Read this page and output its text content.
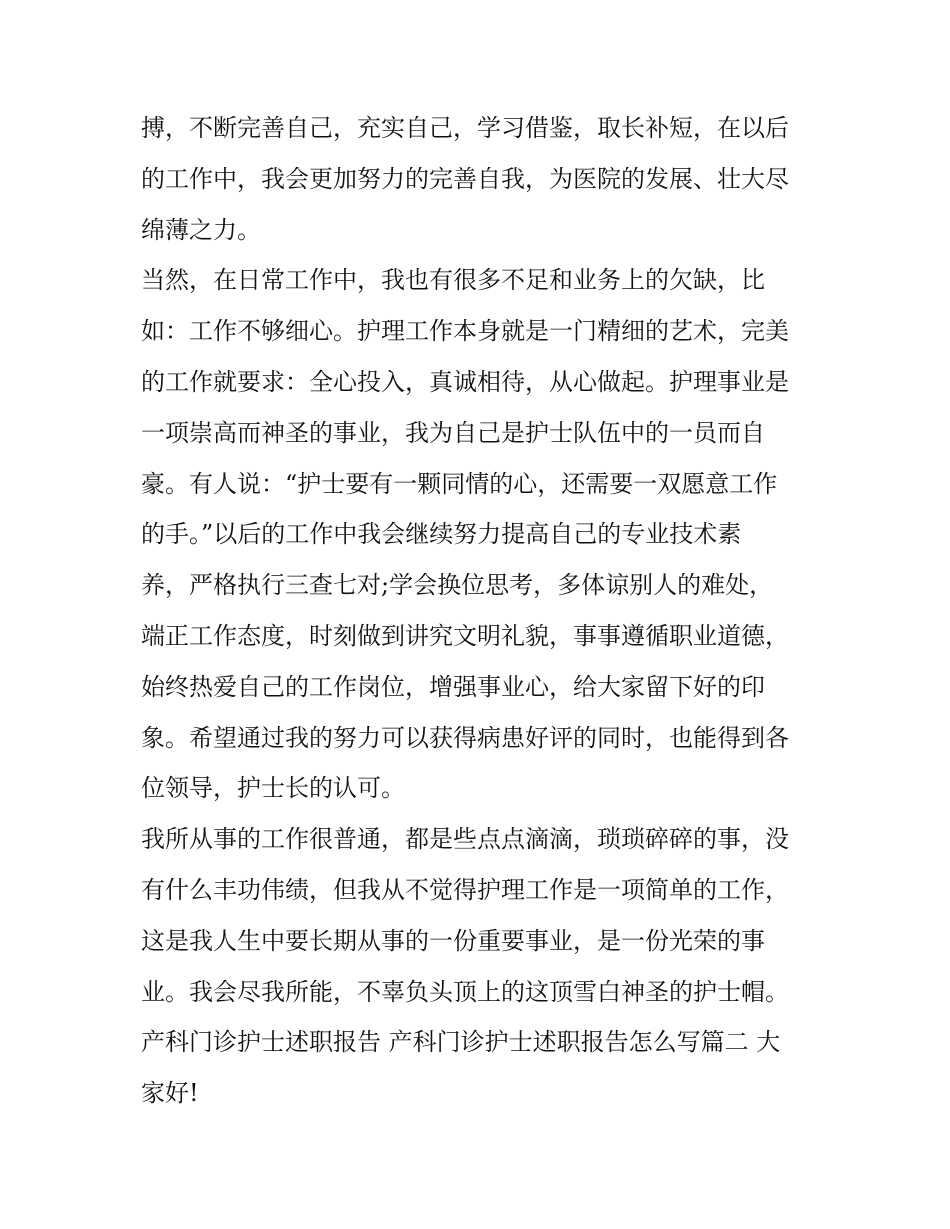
搏，不断完善自己，充实自己，学习借鉴，取长补短，在以后
的工作中，我会更加努力的完善自我，为医院的发展、壮大尽
绵薄之力。
当然，在日常工作中，我也有很多不足和业务上的欠缺，比
如：工作不够细心。护理工作本身就是一门精细的艺术，完美
的工作就要求：全心投入，真诚相待，从心做起。护理事业是
一项崇高而神圣的事业，我为自己是护士队伍中的一员而自
豪。有人说：“护士要有一颗同情的心，还需要一双愿意工作
的手。”以后的工作中我会继续努力提高自己的专业技术素
养，严格执行三查七对;学会换位思考，多体谅别人的难处，
端正工作态度，时刻做到讲究文明礼貌，事事遵循职业道德，
始终热爱自己的工作岗位，增强事业心，给大家留下好的印
象。希望通过我的努力可以获得病患好评的同时，也能得到各
位领导，护士长的认可。
我所从事的工作很普通，都是些点点滴滴，琐琐碎碎的事，没
有什么丰功伟绩，但我从不觉得护理工作是一项简单的工作，
这是我人生中要长期从事的一份重要事业，是一份光荣的事
业。我会尽我所能，不辜负头顶上的这顶雪白神圣的护士帽。
产科门诊护士述职报告 产科门诊护士述职报告怎么写篇二 大
家好!
